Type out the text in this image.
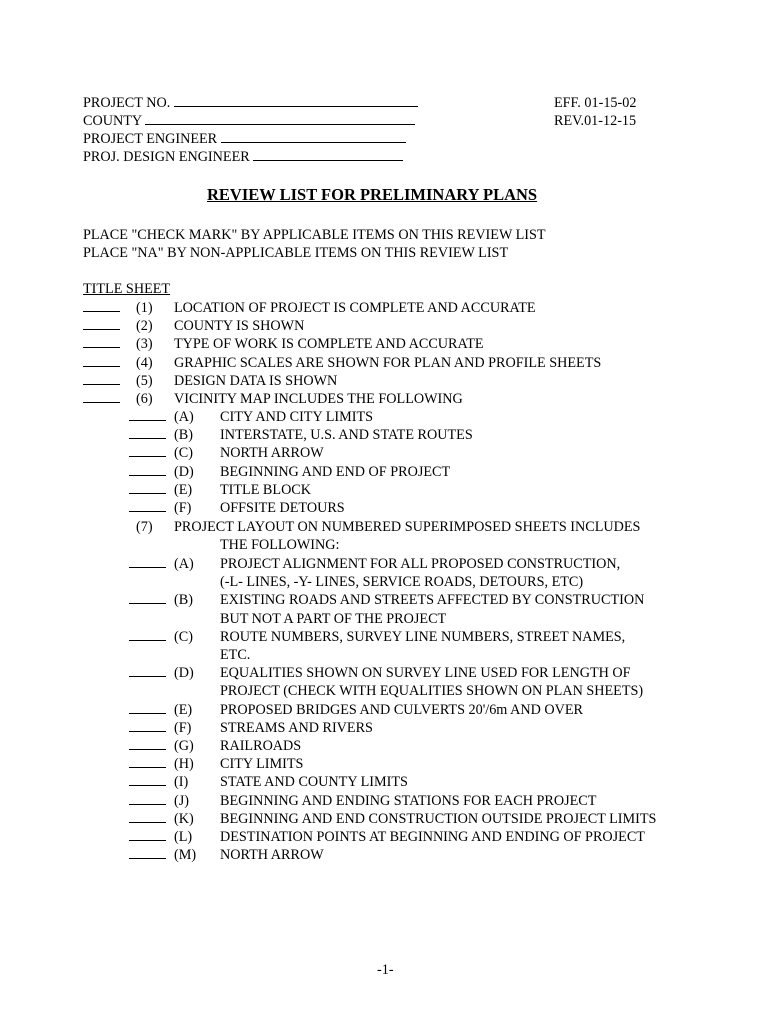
PROJECT NO.
COUNTY
PROJECT ENGINEER
PROJ. DESIGN ENGINEER
EFF. 01-15-02
REV.01-12-15
REVIEW LIST FOR PRELIMINARY PLANS
PLACE "CHECK MARK" BY APPLICABLE ITEMS ON THIS REVIEW LIST
PLACE "NA" BY NON-APPLICABLE ITEMS ON THIS REVIEW LIST
TITLE SHEET
(1) LOCATION OF PROJECT IS COMPLETE AND ACCURATE
(2) COUNTY IS SHOWN
(3) TYPE OF WORK IS COMPLETE AND ACCURATE
(4) GRAPHIC SCALES ARE SHOWN FOR PLAN AND PROFILE SHEETS
(5) DESIGN DATA IS SHOWN
(6) VICINITY MAP INCLUDES THE FOLLOWING
(A) CITY AND CITY LIMITS
(B) INTERSTATE, U.S. AND STATE ROUTES
(C) NORTH ARROW
(D) BEGINNING AND END OF PROJECT
(E) TITLE BLOCK
(F) OFFSITE DETOURS
(7) PROJECT LAYOUT ON NUMBERED SUPERIMPOSED SHEETS INCLUDES
THE FOLLOWING:
(A) PROJECT ALIGNMENT FOR ALL PROPOSED CONSTRUCTION,
(-L- LINES, -Y- LINES, SERVICE ROADS, DETOURS, ETC)
(B) EXISTING ROADS AND STREETS AFFECTED BY CONSTRUCTION
BUT NOT A PART OF THE PROJECT
(C) ROUTE NUMBERS, SURVEY LINE NUMBERS, STREET NAMES,
ETC.
(D) EQUALITIES SHOWN ON SURVEY LINE USED FOR LENGTH OF
PROJECT (CHECK WITH EQUALITIES SHOWN ON PLAN SHEETS)
(E) PROPOSED BRIDGES AND CULVERTS 20'/6m AND OVER
(F) STREAMS AND RIVERS
(G) RAILROADS
(H) CITY LIMITS
(I) STATE AND COUNTY LIMITS
(J) BEGINNING AND ENDING STATIONS FOR EACH PROJECT
(K) BEGINNING AND END CONSTRUCTION OUTSIDE PROJECT LIMITS
(L) DESTINATION POINTS AT BEGINNING AND ENDING OF PROJECT
(M) NORTH ARROW
-1-
